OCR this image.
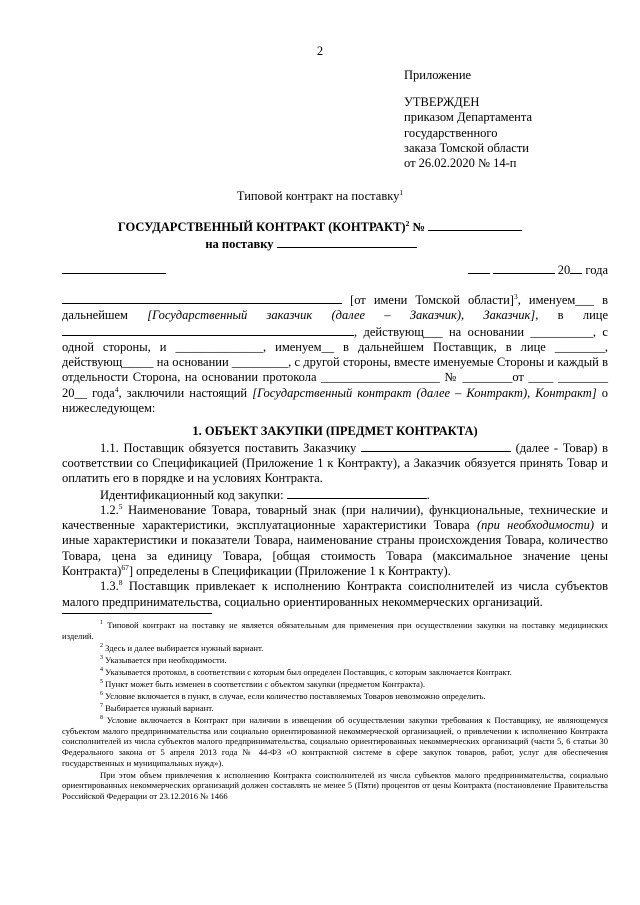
2
Приложение
УТВЕРЖДЕН
приказом Департамента
государственного
заказа Томской области
от 26.02.2020 № 14-п
Типовой контракт на поставку$^1$
ГОСУДАРСТВЕННЫЙ КОНТРАКТ (КОНТРАКТ)$^2$ №
на поставку
20 года

[от имени Томской области]$^3$, именуем___ в дальнейшем [Государственный заказчик (далее – Заказчик), Заказчик], в лице , действующ___ на основании __________, с одной стороны, и ______________, именуем__ в дальнейшем Поставщик, в лице ________, действующ_____ на основании _________, с другой стороны, вместе именуемые Стороны и каждый в отдельности Сторона, на основании протокола ___________________ № ________от ____ ________ 20__ года$^4$, заключили настоящий [Государственный контракт (далее – Контракт), Контракт] о нижеследующем:

1. ОБЪЕКТ ЗАКУПКИ (ПРЕДМЕТ КОНТРАКТА)

1.1. Поставщик обязуется поставить Заказчику	(далее - Товар) в соответствии со Спецификацией (Приложение 1 к Контракту), а Заказчик обязуется принять Товар и оплатить его в порядке и на условиях Контракта.

Идентификационный код закупки:	.

1.2.$^5$ Наименование Товара, товарный знак (при наличии), функциональные, технические и качественные характеристики, эксплуатационные характеристики Товара (при необходимости) и иные характеристики и показатели Товара, наименование страны происхождения Товара, количество Товара, цена за единицу Товара, [общая стоимость Товара (максимальное значение цены Контракта)$^{67}$] определены в Спецификации (Приложение 1 к Контракту).

1.3.$^8$ Поставщик привлекает к исполнению Контракта соисполнителей из числа субъектов малого предпринимательства, социально ориентированных некоммерческих организаций.

$^1$ Типовой контракт на поставку не является обязательным для применения при осуществлении закупки на поставку медицинских изделий.

$^2$ Здесь и далее выбирается нужный вариант.

$^3$ Указывается при необходимости.

$^4$ Указывается протокол, в соответствии с которым был определен Поставщик, с которым заключается Контракт.

$^5$ Пункт может быть изменен в соответствии с объектом закупки (предметом Контракта).

$^6$ Условие включается в пункт, в случае, если количество поставляемых Товаров невозможно определить.

$^7$ Выбирается нужный вариант.

$^8$ Условие включается в Контракт при наличии в извещении об осуществлении закупки требования к Поставщику, не являющемуся субъектом малого предпринимательства или социально ориентированной некоммерческой организацией, о привлечении к исполнению Контракта соисполнителей из числа субъектов малого предпринимательства, социально ориентированных некоммерческих организаций (части 5, 6 статьи 30 Федерального закона от 5 апреля 2013 года № 44-ФЗ «О контрактной системе в сфере закупок товаров, работ, услуг для обеспечения государственных и муниципальных нужд»).

При этом объем привлечения к исполнению Контракта соисполнителей из числа субъектов малого предпринимательства, социально ориентированных некоммерческих организаций должен составлять не менее 5 (Пяти) процентов от цены Контракта (постановление Правительства Российской Федерации от 23.12.2016 № 1466
